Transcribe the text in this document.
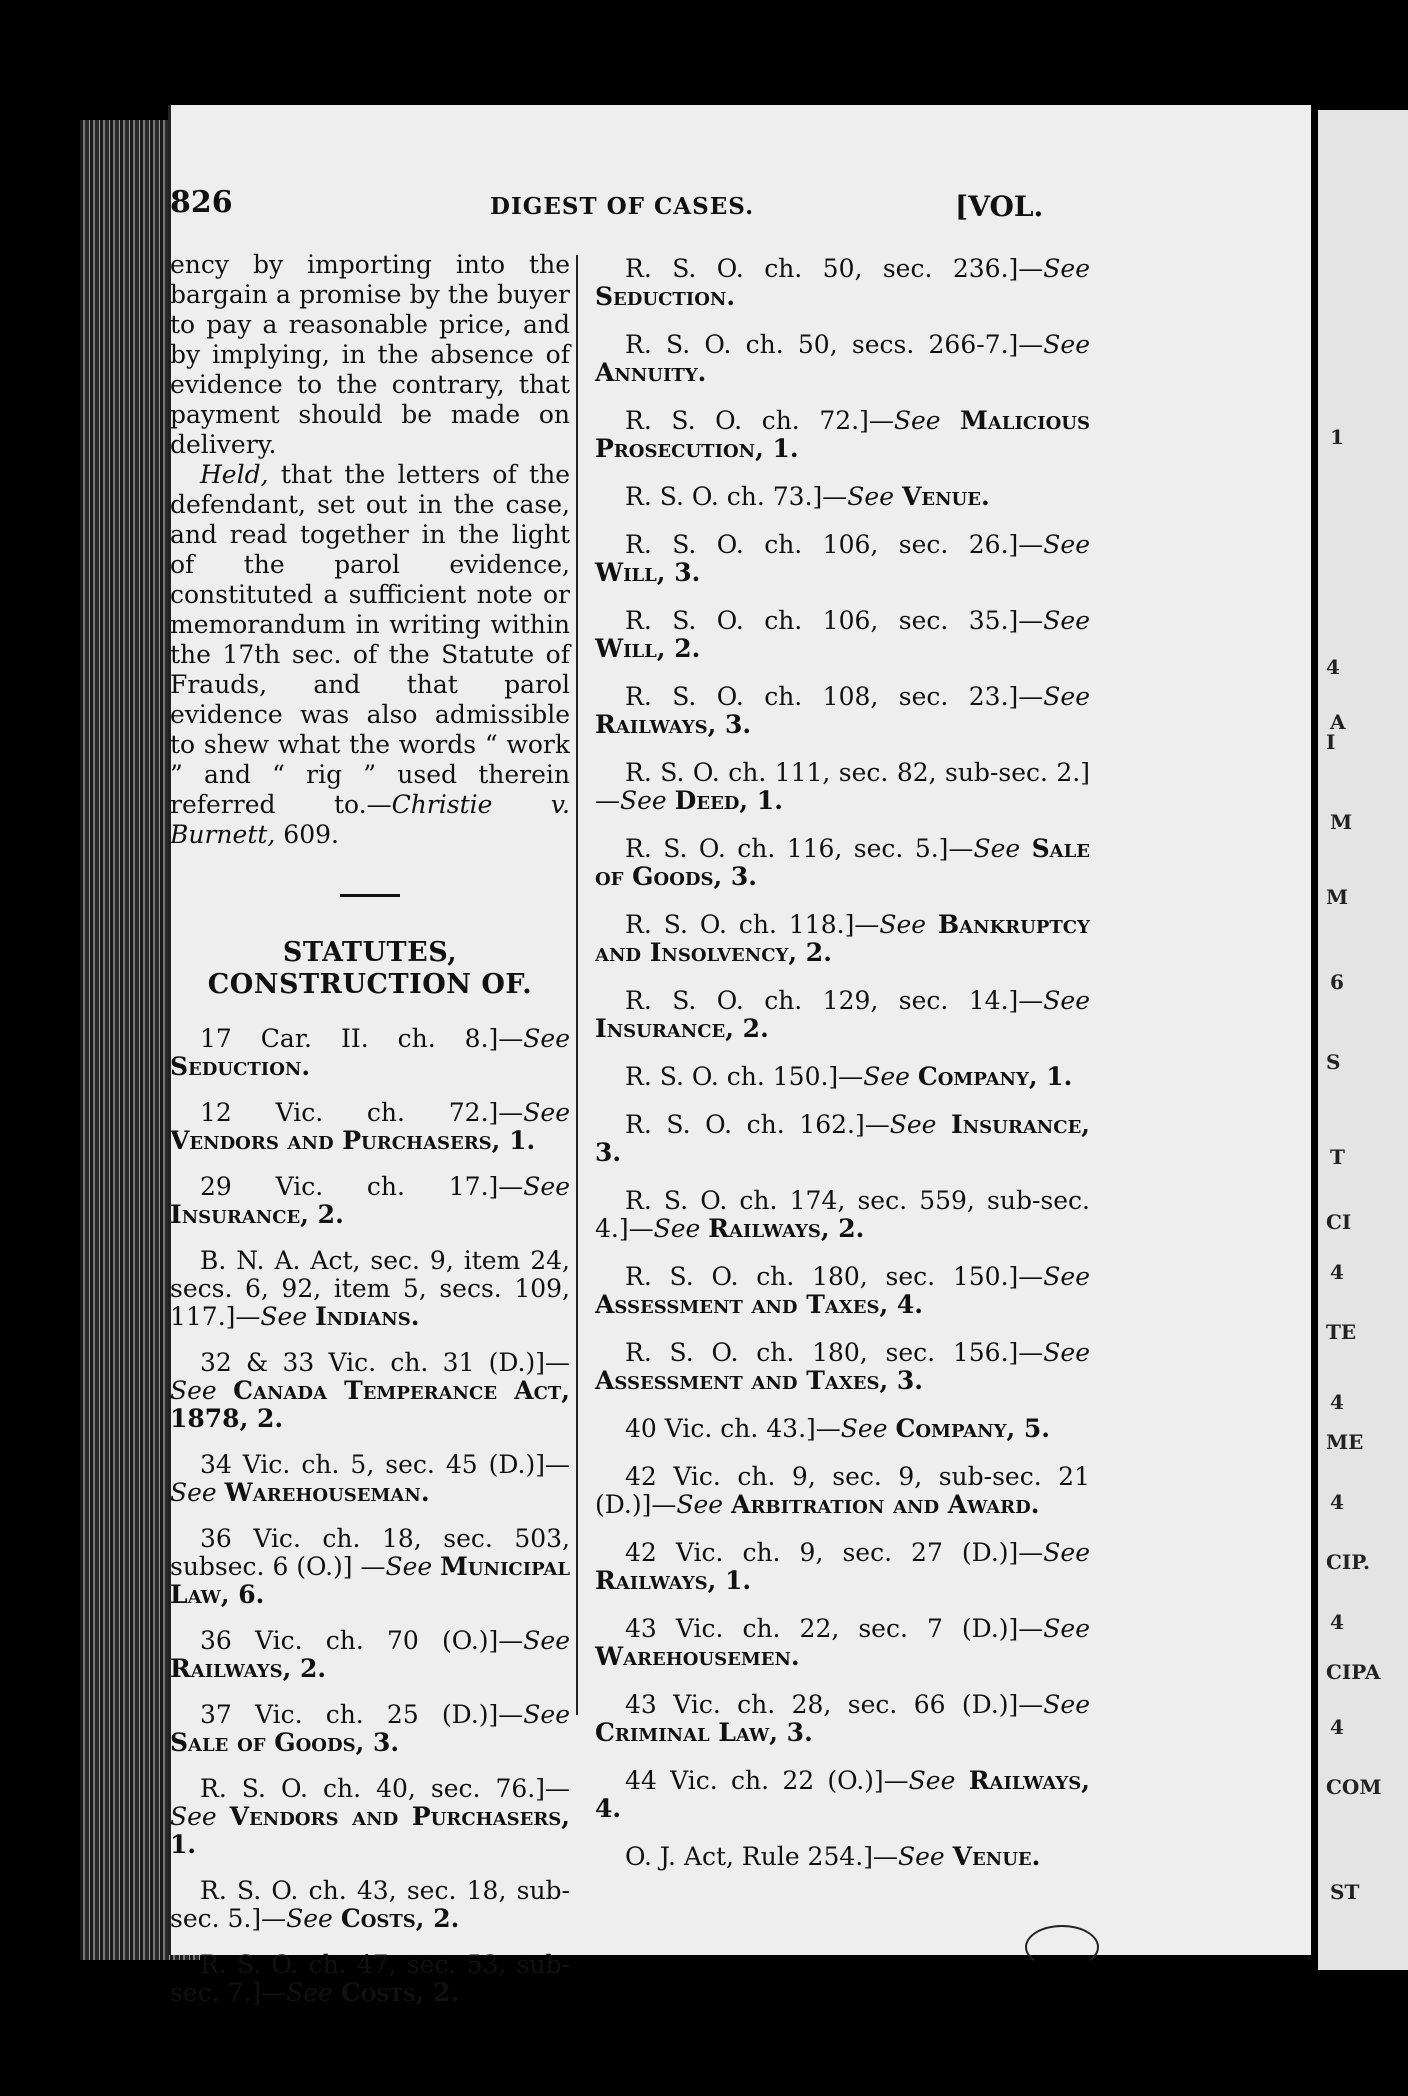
1
4
A
I
M
M
6
S
T
CI
4
TE
4
ME
4
CIP.
4
CIPA
4
COM
ST
826	DIGEST OF CASES.	[VOL.

ency by importing into the bargain a promise by the buyer to pay a reasonable price, and by implying, in the absence of evidence to the contrary, that payment should be made on delivery.

Held, that the letters of the defendant, set out in the case, and read together in the light of the parol evidence, constituted a sufficient note or memorandum in writing within the 17th sec. of the Statute of Frauds, and that parol evidence was also admissible to shew what the words “ work ” and “ rig ” used therein referred to.—Christie v. Burnett, 609.

STATUTES, CONSTRUCTION OF.

17 Car. II. ch. 8.]—See Seduction.

12 Vic. ch. 72.]—See Vendors and Purchasers, 1.

29 Vic. ch. 17.]—See Insurance, 2.

B. N. A. Act, sec. 9, item 24, secs. 6, 92, item 5, secs. 109, 117.]—See Indians.

32 & 33 Vic. ch. 31 (D.)]—See Canada Temperance Act, 1878, 2.

34 Vic. ch. 5, sec. 45 (D.)]—See Warehouseman.

36 Vic. ch. 18, sec. 503, subsec. 6 (O.)] —See Municipal Law, 6.

36 Vic. ch. 70 (O.)]—See Railways, 2.

37 Vic. ch. 25 (D.)]—See Sale of Goods, 3.

R. S. O. ch. 40, sec. 76.]—See Vendors and Purchasers, 1.

R. S. O. ch. 43, sec. 18, sub-sec. 5.]—See Costs, 2.

R. S. O. ch. 47, sec. 53, sub-sec. 7.]—See Costs, 2.

R. S. O. ch. 50, sec. 236.]—See Seduction.

R. S. O. ch. 50, secs. 266-7.]—See Annuity.

R. S. O. ch. 72.]—See Malicious Prosecution, 1.

R. S. O. ch. 73.]—See Venue.

R. S. O. ch. 106, sec. 26.]—See Will, 3.

R. S. O. ch. 106, sec. 35.]—See Will, 2.

R. S. O. ch. 108, sec. 23.]—See Railways, 3.

R. S. O. ch. 111, sec. 82, sub-sec. 2.]—See Deed, 1.

R. S. O. ch. 116, sec. 5.]—See Sale of Goods, 3.

R. S. O. ch. 118.]—See Bankruptcy and Insolvency, 2.

R. S. O. ch. 129, sec. 14.]—See Insurance, 2.

R. S. O. ch. 150.]—See Company, 1.

R. S. O. ch. 162.]—See Insurance, 3.

R. S. O. ch. 174, sec. 559, sub-sec. 4.]—See Railways, 2.

R. S. O. ch. 180, sec. 150.]—See Assessment and Taxes, 4.

R. S. O. ch. 180, sec. 156.]—See Assessment and Taxes, 3.

40 Vic. ch. 43.]—See Company, 5.

42 Vic. ch. 9, sec. 9, sub-sec. 21 (D.)]—See Arbitration and Award.

42 Vic. ch. 9, sec. 27 (D.)]—See Railways, 1.

43 Vic. ch. 22, sec. 7 (D.)]—See Warehousemen.

43 Vic. ch. 28, sec. 66 (D.)]—See Criminal Law, 3.

44 Vic. ch. 22 (O.)]—See Railways, 4.

O. J. Act, Rule 254.]—See Venue.
